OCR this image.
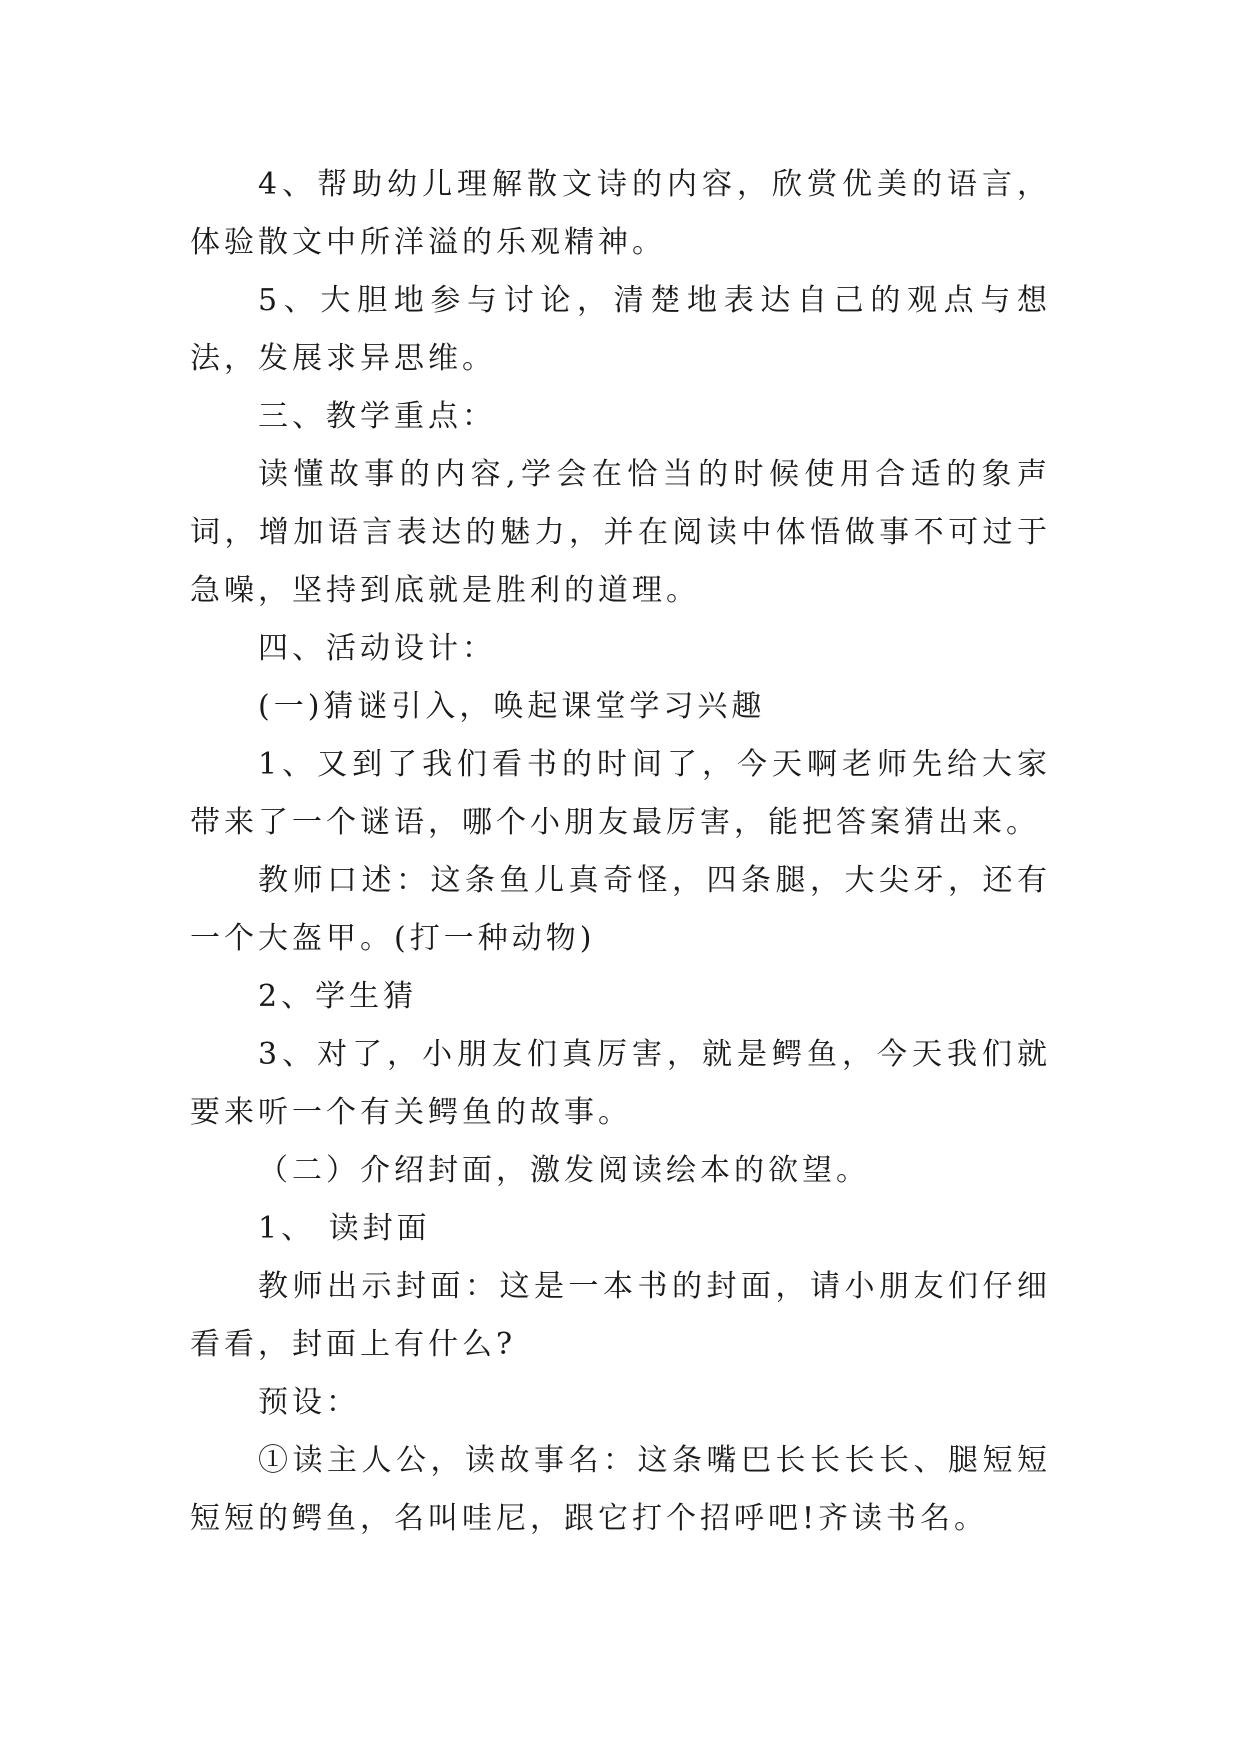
4、帮助幼儿理解散文诗的内容，欣赏优美的语言，体验散文中所洋溢的乐观精神。

5、大胆地参与讨论，清楚地表达自己的观点与想法，发展求异思维。

三、教学重点：

读懂故事的内容,学会在恰当的时候使用合适的象声词，增加语言表达的魅力，并在阅读中体悟做事不可过于急噪，坚持到底就是胜利的道理。

四、活动设计：

(一)猜谜引入，唤起课堂学习兴趣

1、又到了我们看书的时间了，今天啊老师先给大家带来了一个谜语，哪个小朋友最厉害，能把答案猜出来。

教师口述：这条鱼儿真奇怪，四条腿，大尖牙，还有一个大盔甲。(打一种动物)

2、学生猜

3、对了，小朋友们真厉害，就是鳄鱼，今天我们就要来听一个有关鳄鱼的故事。

（二）介绍封面，激发阅读绘本的欲望。

1、 读封面

教师出示封面：这是一本书的封面，请小朋友们仔细看看，封面上有什么?

预设：

①读主人公，读故事名：这条嘴巴长长长长、腿短短短短的鳄鱼，名叫哇尼，跟它打个招呼吧!齐读书名。
